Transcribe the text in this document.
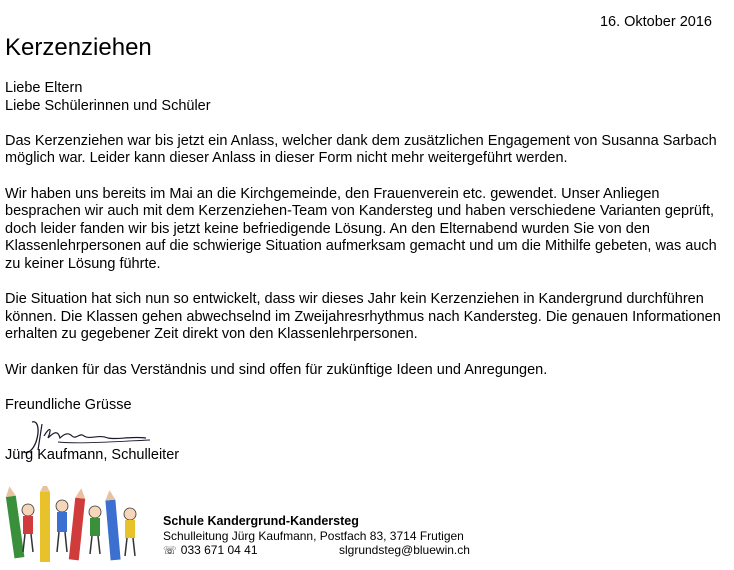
16. Oktober 2016
Kerzenziehen

Liebe Eltern
Liebe Schülerinnen und Schüler

Das Kerzenziehen war bis jetzt ein Anlass, welcher dank dem zusätzlichen Engagement von Susanna Sarbach möglich war. Leider kann dieser Anlass in dieser Form nicht mehr weitergeführt werden.

Wir haben uns bereits im Mai an die Kirchgemeinde, den Frauenverein etc. gewendet. Unser Anliegen besprachen wir auch mit dem Kerzenziehen-Team von Kandersteg und haben verschiedene Varianten geprüft, doch leider fanden wir bis jetzt keine befriedigende Lösung. An den Elternabend wurden Sie von den Klassenlehrpersonen auf die schwierige Situation aufmerksam gemacht und um die Mithilfe gebeten, was auch zu keiner Lösung führte.

Die Situation hat sich nun so entwickelt, dass wir dieses Jahr kein Kerzenziehen in Kandergrund durchführen können. Die Klassen gehen abwechselnd im Zweijahresrhythmus nach Kandersteg. Die genauen Informationen erhalten zu gegebener Zeit direkt von den Klassenlehrpersonen.

Wir danken für das Verständnis und sind offen für zukünftige Ideen und Anregungen.

Freundliche Grüsse

Jürg Kaufmann, Schulleiter
Schule Kandergrund-Kandersteg
Schulleitung Jürg Kaufmann, Postfach 83, 3714 Frutigen
☏ 033 671 04 41	slgrundsteg@bluewin.ch
